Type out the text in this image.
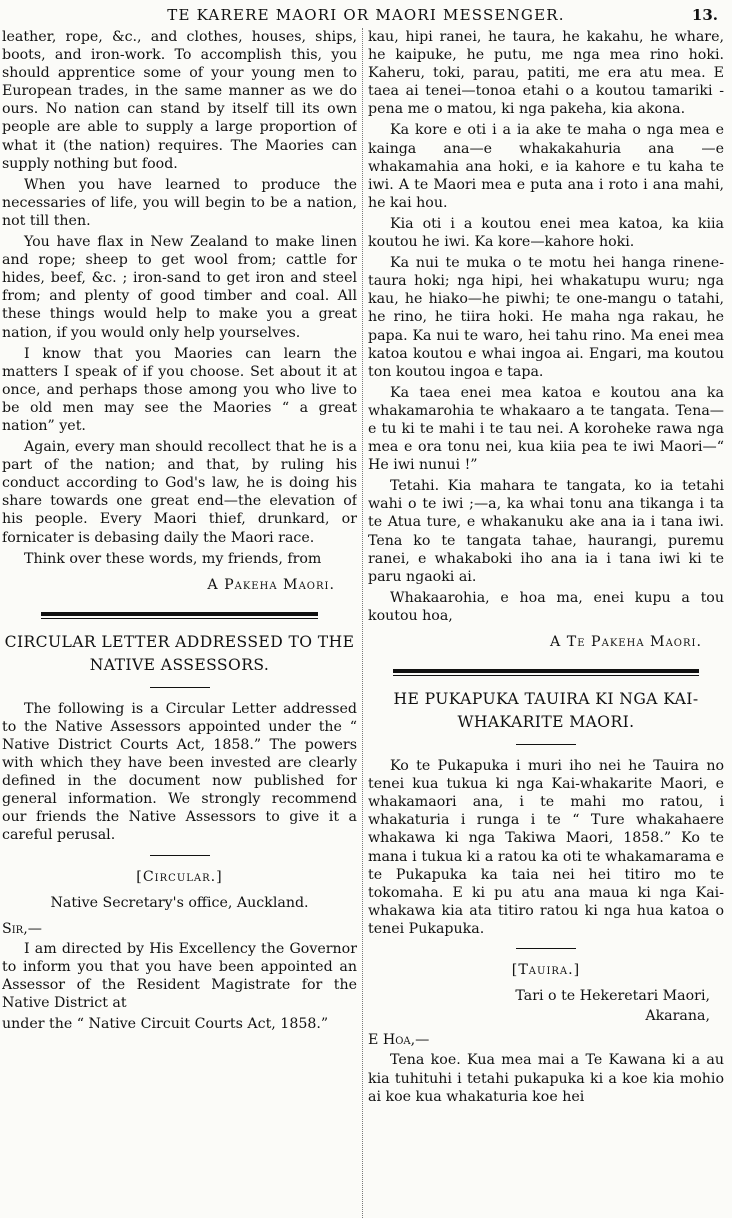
TE KARERE MAORI OR MAORI MESSENGER.	13.

leather, rope, &c., and clothes, houses, ships, boots, and iron-work. To accomplish this, you should apprentice some of your young men to European trades, in the same manner as we do ours. No nation can stand by itself till its own people are able to supply a large proportion of what it (the nation) requires. The Maories can supply nothing but food.

When you have learned to produce the necessaries of life, you will begin to be a nation, not till then.

You have flax in New Zealand to make linen and rope; sheep to get wool from; cattle for hides, beef, &c. ; iron-sand to get iron and steel from; and plenty of good timber and coal. All these things would help to make you a great nation, if you would only help yourselves.

I know that you Maories can learn the matters I speak of if you choose. Set about it at once, and perhaps those among you who live to be old men may see the Maories “ a great nation” yet.

Again, every man should recollect that he is a part of the nation; and that, by ruling his conduct according to God's law, he is doing his share towards one great end—the elevation of his people. Every Maori thief, drunkard, or fornicater is debasing daily the Maori race.

Think over these words, my friends, from

A Pakeha Maori.
CIRCULAR LETTER ADDRESSED TO THE NATIVE ASSESSORS.

The following is a Circular Letter addressed to the Native Assessors appointed under the “ Native District Courts Act, 1858.” The powers with which they have been invested are clearly defined in the document now published for general information. We strongly recommend our friends the Native Assessors to give it a careful perusal.

[Circular.]
Native Secretary's office, Auckland.
Sir,—

I am directed by His Excellency the Governor to inform you that you have been appointed an Assessor of the Resident Magistrate for the Native District at

under the “ Native Circuit Courts Act, 1858.”

kau, hipi ranei, he taura, he kakahu, he whare, he kaipuke, he putu, me nga mea rino hoki. Kaheru, toki, parau, patiti, me era atu mea. E taea ai tenei—tonoa etahi o a koutou tamariki - pena me o matou, ki nga pakeha, kia akona.

Ka kore e oti i a ia ake te maha o nga mea e kainga ana—e whakakahuria ana —e whakamahia ana hoki, e ia kahore e tu kaha te iwi. A te Maori mea e puta ana i roto i ana mahi, he kai hou.

Kia oti i a koutou enei mea katoa, ka kiia koutou he iwi. Ka kore—kahore hoki.

Ka nui te muka o te motu hei hanga rinene-taura hoki; nga hipi, hei whakatupu wuru; nga kau, he hiako—he piwhi; te one-mangu o tatahi, he rino, he tiira hoki. He maha nga rakau, he papa. Ka nui te waro, hei tahu rino. Ma enei mea katoa koutou e whai ingoa ai. Engari, ma koutou ton koutou ingoa e tapa.

Ka taea enei mea katoa e koutou ana ka whakamarohia te whakaaro a te tangata. Tena—e tu ki te mahi i te tau nei. A koroheke rawa nga mea e ora tonu nei, kua kiia pea te iwi Maori—“ He iwi nunui !”

Tetahi. Kia mahara te tangata, ko ia tetahi wahi o te iwi ;—a, ka whai tonu ana tikanga i ta te Atua ture, e whakanuku ake ana ia i tana iwi. Tena ko te tangata tahae, haurangi, puremu ranei, e whakaboki iho ana ia i tana iwi ki te paru ngaoki ai.

Whakaarohia, e hoa ma, enei kupu a tou koutou hoa,

A Te Pakeha Maori.
HE PUKAPUKA TAUIRA KI NGA KAI-WHAKARITE MAORI.

Ko te Pukapuka i muri iho nei he Tauira no tenei kua tukua ki nga Kai-whakarite Maori, e whakamaori ana, i te mahi mo ratou, i whakaturia i runga i te “ Ture whakahaere whakawa ki nga Takiwa Maori, 1858.” Ko te mana i tukua ki a ratou ka oti te whakamarama e te Pukapuka ka taia nei hei titiro mo te tokomaha. E ki pu atu ana maua ki nga Kai-whakawa kia ata titiro ratou ki nga hua katoa o tenei Pukapuka.

[Tauira.]
Tari o te Hekeretari Maori,
Akarana,
E Hoa,—

Tena koe. Kua mea mai a Te Kawana ki a au kia tuhituhi i tetahi pukapuka ki a koe kia mohio ai koe kua whakaturia koe hei
